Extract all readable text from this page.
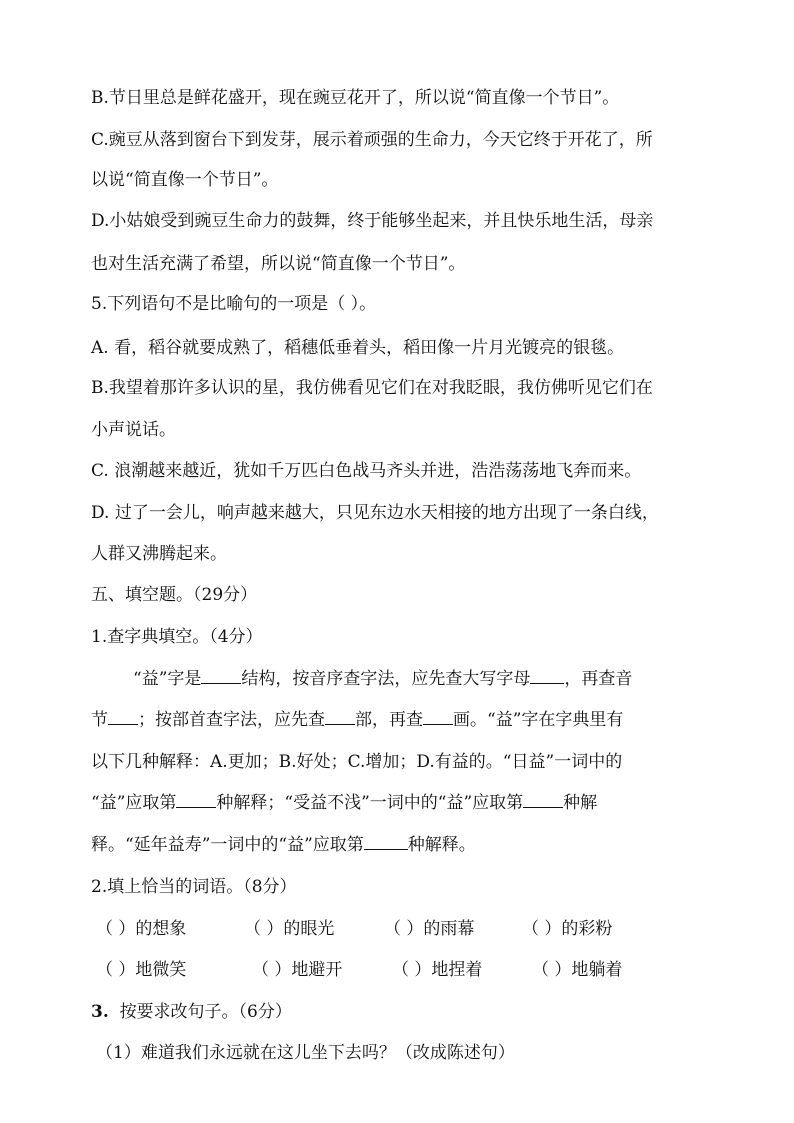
B.节日里总是鲜花盛开，现在豌豆花开了，所以说“简直像一个节日”。
C.豌豆从落到窗台下到发芽，展示着顽强的生命力，今天它终于开花了，所
以说“简直像一个节日”。
D.小姑娘受到豌豆生命力的鼓舞，终于能够坐起来，并且快乐地生活，母亲
也对生活充满了希望，所以说“简直像一个节日”。
5.下列语句不是比喻句的一项是（ ）。
A. 看，稻谷就要成熟了，稻穗低垂着头，稻田像一片月光镀亮的银毯。
B.我望着那许多认识的星，我仿佛看见它们在对我眨眼，我仿佛听见它们在
小声说话。
C. 浪潮越来越近，犹如千万匹白色战马齐头并进，浩浩荡荡地飞奔而来。
D. 过了一会儿，响声越来越大，只见东边水天相接的地方出现了一条白线，
人群又沸腾起来。
五、填空题。（29分）
1.查字典填空。（4分）
“益”字是 结构，按音序查字法，应先查大写字母 ，再查音
节 ；按部首查字法，应先查 部，再查 画。“益”字在字典里有
以下几种解释：A.更加；B.好处；C.增加；D.有益的。“日益”一词中的
“益”应取第 种解释；“受益不浅”一词中的“益”应取第 种解
释。“延年益寿”一词中的“益”应取第	种解释。
2.填上恰当的词语。（8分）
（ ）的想象	（ ）的眼光	（ ）的雨幕	（ ）的彩粉
（ ）地微笑	（ ）地避开	（ ）地捏着	（ ）地躺着
3. 按要求改句子。（6分）
（1）难道我们永远就在这儿坐下去吗？（改成陈述句）
